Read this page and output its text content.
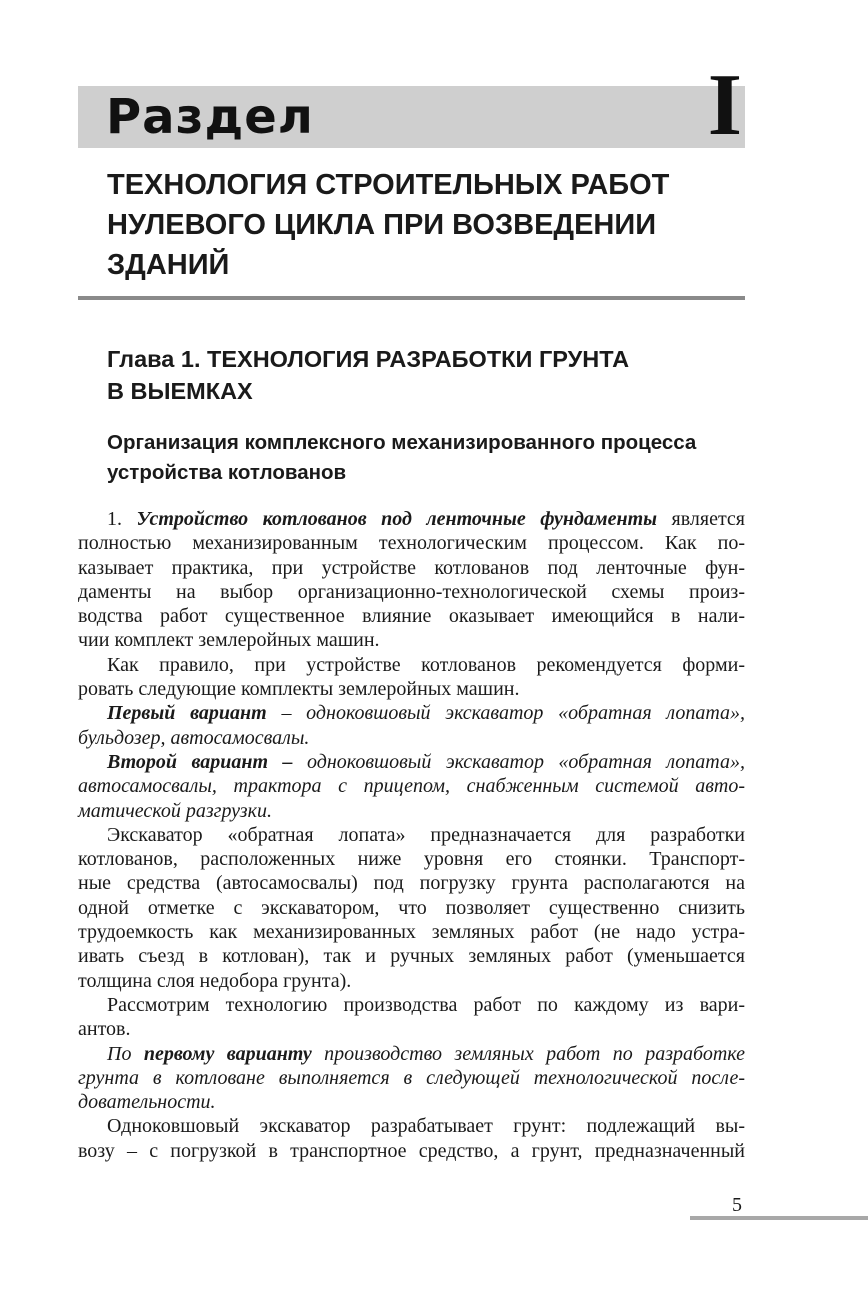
Раздел	I
ТЕХНОЛОГИЯ СТРОИТЕЛЬНЫХ РАБОТ
НУЛЕВОГО ЦИКЛА ПРИ ВОЗВЕДЕНИИ
ЗДАНИЙ
Глава 1. ТЕХНОЛОГИЯ РАЗРАБОТКИ ГРУНТА
В ВЫЕМКАХ
Организация комплексного механизированного процесса
устройства котлованов
1. Устройство котлованов под ленточные фундаменты является
полностью механизированным технологическим процессом. Как по-
казывает практика, при устройстве котлованов под ленточные фун-
даменты на выбор организационно-технологической схемы произ-
водства работ существенное влияние оказывает имеющийся в нали-
чии комплект землеройных машин.
Как правило, при устройстве котлованов рекомендуется форми-
ровать следующие комплекты землеройных машин.
Первый вариант – одноковшовый экскаватор «обратная лопата»,
бульдозер, автосамосвалы.
Второй вариант – одноковшовый экскаватор «обратная лопата»,
автосамосвалы, трактора с прицепом, снабженным системой авто-
матической разгрузки.
Экскаватор «обратная лопата» предназначается для разработки
котлованов, расположенных ниже уровня его стоянки. Транспорт-
ные средства (автосамосвалы) под погрузку грунта располагаются на
одной отметке с экскаватором, что позволяет существенно снизить
трудоемкость как механизированных земляных работ (не надо устра-
ивать съезд в котлован), так и ручных земляных работ (уменьшается
толщина слоя недобора грунта).
Рассмотрим технологию производства работ по каждому из вари-
антов.
По первому варианту производство земляных работ по разработке
грунта в котловане выполняется в следующей технологической после-
довательности.
Одноковшовый экскаватор разрабатывает грунт: подлежащий вы-
возу – с погрузкой в транспортное средство, а грунт, предназначенный
5
